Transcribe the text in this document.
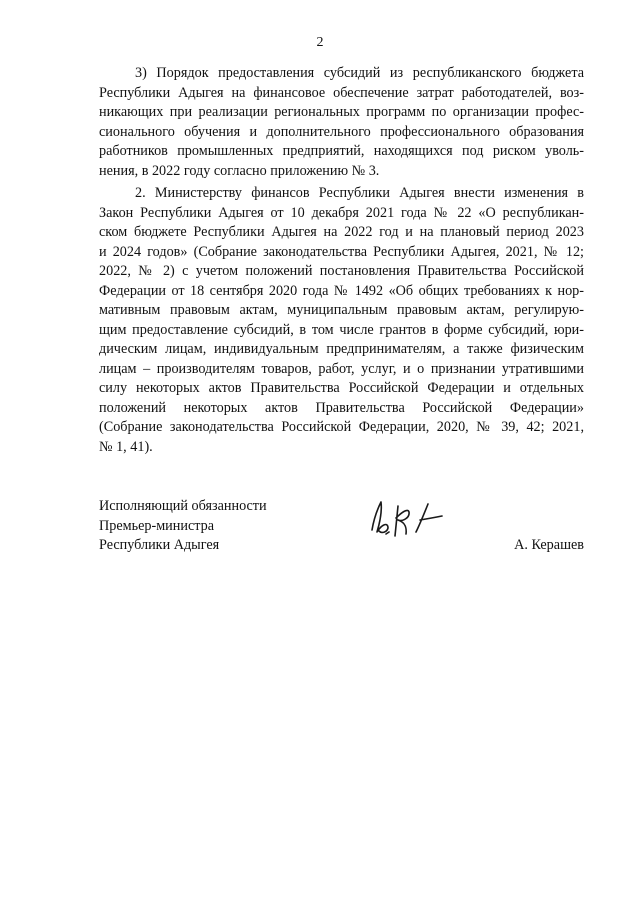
2

3) Порядок предоставления субсидий из республиканского бюджета
Республики Адыгея на финансовое обеспечение затрат работодателей, воз-
никающих при реализации региональных программ по организации профес-
сионального обучения и дополнительного профессионального образования
работников промышленных предприятий, находящихся под риском уволь-
нения, в 2022 году согласно приложению № 3.

2. Министерству финансов Республики Адыгея внести изменения в
Закон Республики Адыгея от 10 декабря 2021 года № 22 «О республикан-
ском бюджете Республики Адыгея на 2022 год и на плановый период 2023
и 2024 годов» (Собрание законодательства Республики Адыгея, 2021, № 12;
2022, № 2) с учетом положений постановления Правительства Российской
Федерации от 18 сентября 2020 года № 1492 «Об общих требованиях к нор-
мативным правовым актам, муниципальным правовым актам, регулирую-
щим предоставление субсидий, в том числе грантов в форме субсидий, юри-
дическим лицам, индивидуальным предпринимателям, а также физическим
лицам – производителям товаров, работ, услуг, и о признании утратившими
силу некоторых актов Правительства Российской Федерации и отдельных
положений некоторых актов Правительства Российской Федерации»
(Собрание законодательства Российской Федерации, 2020, № 39, 42; 2021,
№ 1, 41).

Исполняющий обязанности
Премьер-министра
Республики Адыгея	А. Керашев
